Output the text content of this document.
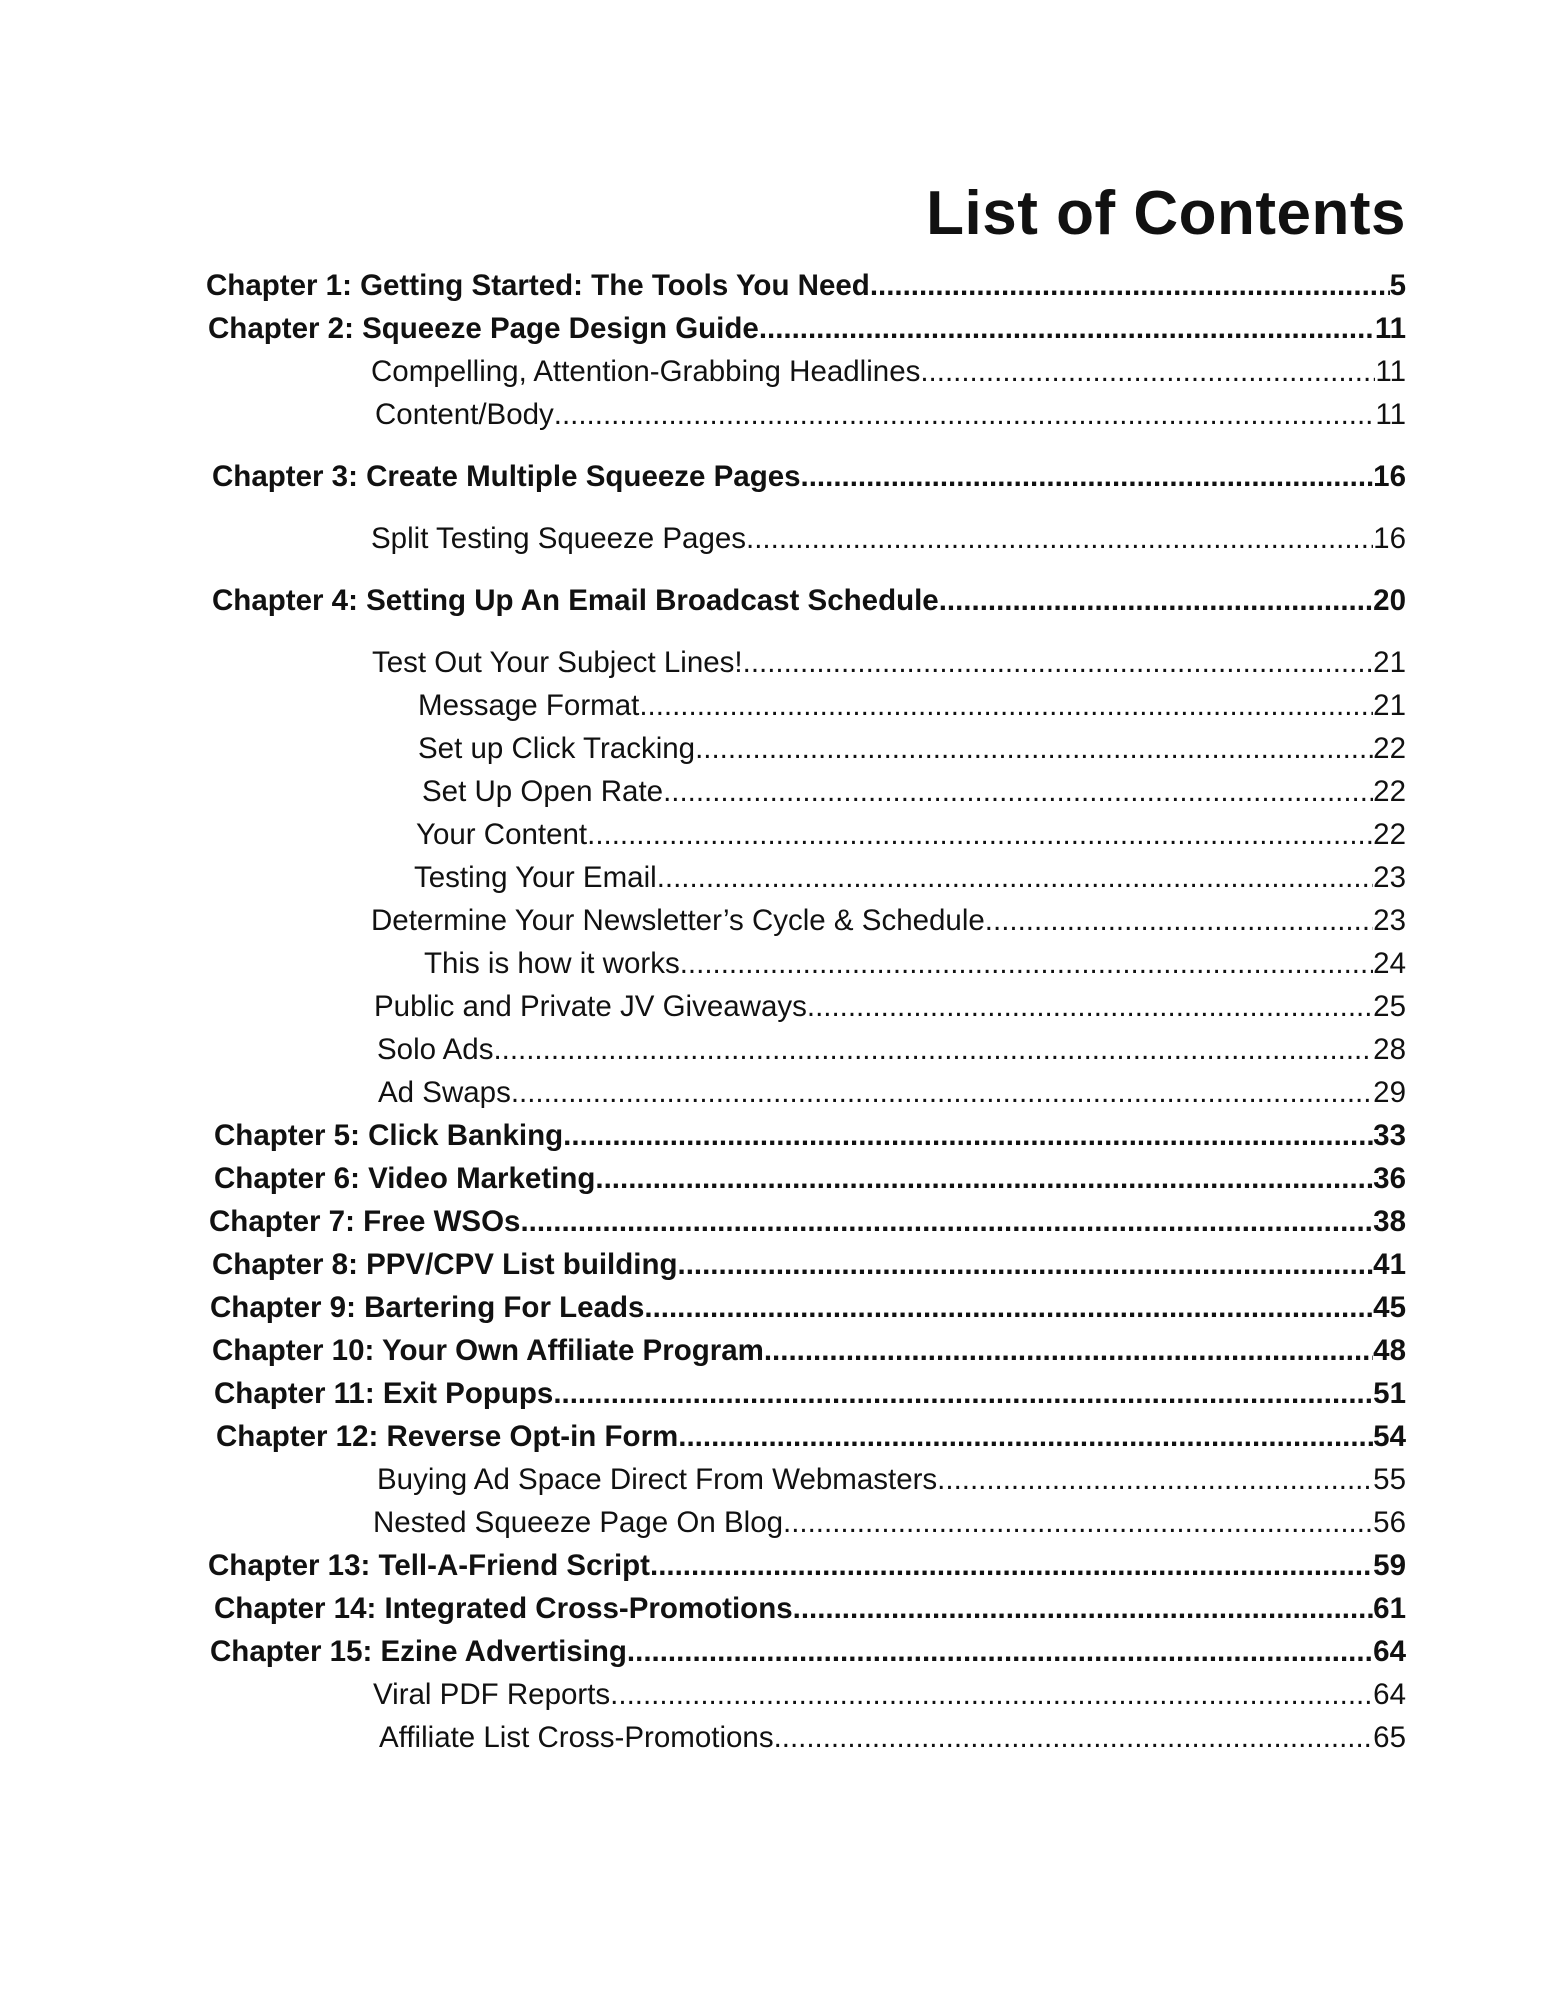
List of Contents
Chapter 1: Getting Started: The Tools You Need .....	5
Chapter 2: Squeeze Page Design Guide .....	11
Compelling, Attention-Grabbing Headlines .....	11
Content/Body .....	11
Chapter 3: Create Multiple Squeeze Pages .....	16
Split Testing Squeeze Pages .....	16
Chapter 4: Setting Up An Email Broadcast Schedule .....	20
Test Out Your Subject Lines! .....	21
Message Format .....	21
Set up Click Tracking .....	22
Set Up Open Rate .....	22
Your Content .....	22
Testing Your Email .....	23
Determine Your Newsletter’s Cycle & Schedule .....	23
This is how it works .....	24
Public and Private JV Giveaways .....	25
Solo Ads .....	28
Ad Swaps .....	29
Chapter 5: Click Banking .....	33
Chapter 6: Video Marketing .....	36
Chapter 7: Free WSOs .....	38
Chapter 8: PPV/CPV List building .....	41
Chapter 9: Bartering For Leads .....	45
Chapter 10: Your Own Affiliate Program .....	48
Chapter 11: Exit Popups .....	51
Chapter 12: Reverse Opt-in Form .....	54
Buying Ad Space Direct From Webmasters .....	55
Nested Squeeze Page On Blog .....	56
Chapter 13: Tell-A-Friend Script .....	59
Chapter 14: Integrated Cross-Promotions .....	61
Chapter 15: Ezine Advertising .....	64
Viral PDF Reports .....	64
Affiliate List Cross-Promotions .....	65
